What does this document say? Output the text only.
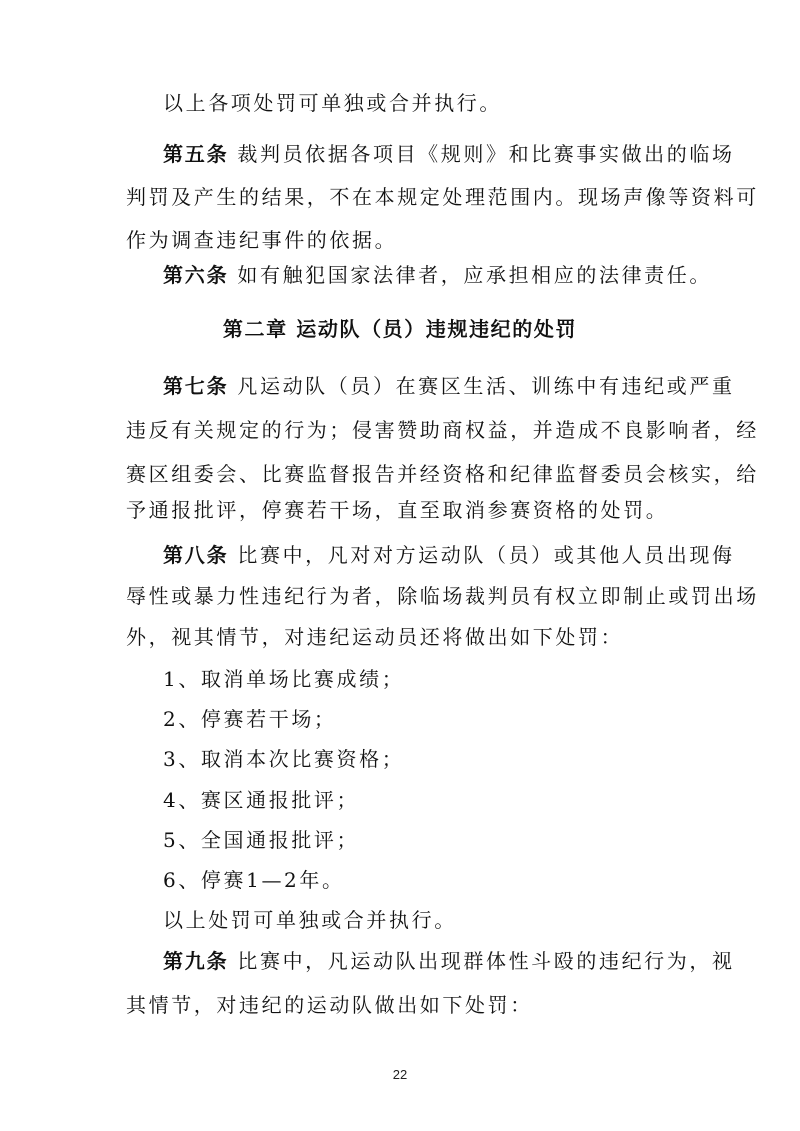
以上各项处罚可单独或合并执行。
第五条 裁判员依据各项目《规则》和比赛事实做出的临场
判罚及产生的结果，不在本规定处理范围内。现场声像等资料可
作为调查违纪事件的依据。
第六条 如有触犯国家法律者，应承担相应的法律责任。
第二章 运动队（员）违规违纪的处罚
第七条 凡运动队（员）在赛区生活、训练中有违纪或严重
违反有关规定的行为；侵害赞助商权益，并造成不良影响者，经
赛区组委会、比赛监督报告并经资格和纪律监督委员会核实，给
予通报批评，停赛若干场，直至取消参赛资格的处罚。
第八条 比赛中，凡对对方运动队（员）或其他人员出现侮
辱性或暴力性违纪行为者，除临场裁判员有权立即制止或罚出场
外，视其情节，对违纪运动员还将做出如下处罚：
1、取消单场比赛成绩；
2、停赛若干场；
3、取消本次比赛资格；
4、赛区通报批评；
5、全国通报批评；
6、停赛1—2年。
以上处罚可单独或合并执行。
第九条 比赛中，凡运动队出现群体性斗殴的违纪行为，视
其情节，对违纪的运动队做出如下处罚：
22
